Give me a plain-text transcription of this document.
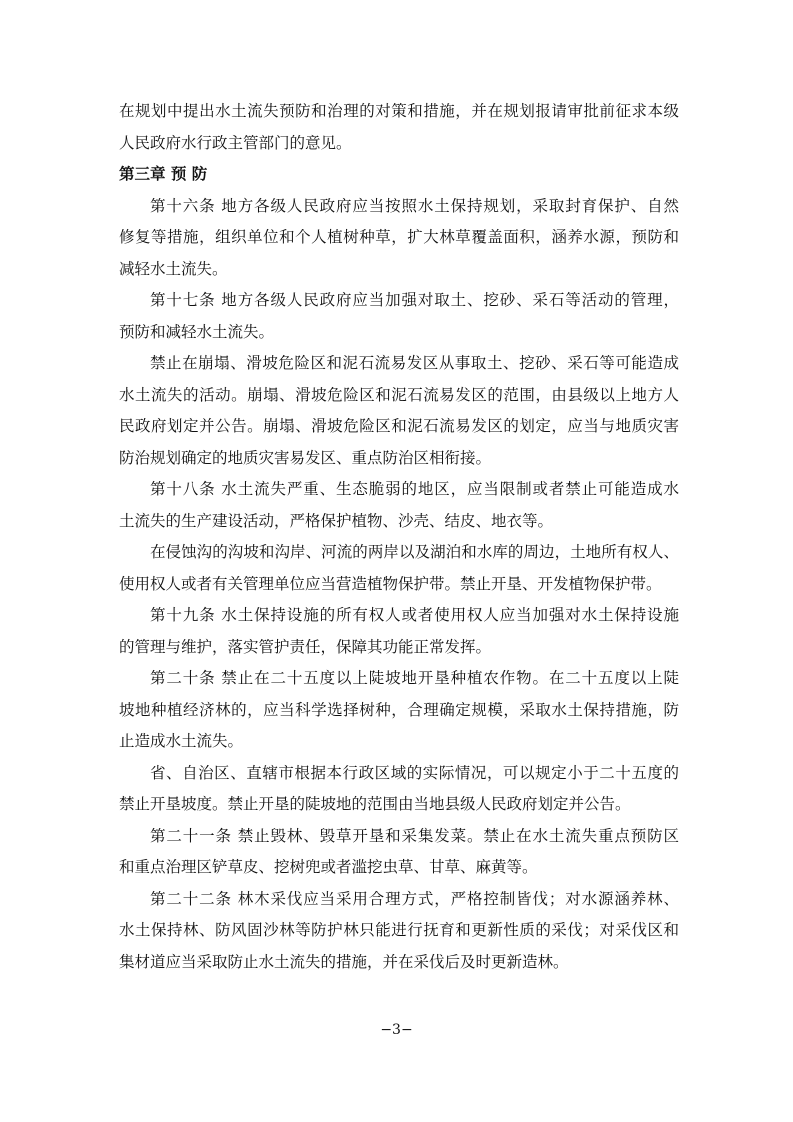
在规划中提出水土流失预防和治理的对策和措施，并在规划报请审批前征求本级
人民政府水行政主管部门的意见。
第三章 预 防
第十六条 地方各级人民政府应当按照水土保持规划，采取封育保护、自然
修复等措施，组织单位和个人植树种草，扩大林草覆盖面积，涵养水源，预防和
减轻水土流失。
第十七条 地方各级人民政府应当加强对取土、挖砂、采石等活动的管理，
预防和减轻水土流失。
禁止在崩塌、滑坡危险区和泥石流易发区从事取土、挖砂、采石等可能造成
水土流失的活动。崩塌、滑坡危险区和泥石流易发区的范围，由县级以上地方人
民政府划定并公告。崩塌、滑坡危险区和泥石流易发区的划定，应当与地质灾害
防治规划确定的地质灾害易发区、重点防治区相衔接。
第十八条 水土流失严重、生态脆弱的地区，应当限制或者禁止可能造成水
土流失的生产建设活动，严格保护植物、沙壳、结皮、地衣等。
在侵蚀沟的沟坡和沟岸、河流的两岸以及湖泊和水库的周边，土地所有权人、
使用权人或者有关管理单位应当营造植物保护带。禁止开垦、开发植物保护带。
第十九条 水土保持设施的所有权人或者使用权人应当加强对水土保持设施
的管理与维护，落实管护责任，保障其功能正常发挥。
第二十条 禁止在二十五度以上陡坡地开垦种植农作物。在二十五度以上陡
坡地种植经济林的，应当科学选择树种，合理确定规模，采取水土保持措施，防
止造成水土流失。
省、自治区、直辖市根据本行政区域的实际情况，可以规定小于二十五度的
禁止开垦坡度。禁止开垦的陡坡地的范围由当地县级人民政府划定并公告。
第二十一条 禁止毁林、毁草开垦和采集发菜。禁止在水土流失重点预防区
和重点治理区铲草皮、挖树兜或者滥挖虫草、甘草、麻黄等。
第二十二条 林木采伐应当采用合理方式，严格控制皆伐；对水源涵养林、
水土保持林、防风固沙林等防护林只能进行抚育和更新性质的采伐；对采伐区和
集材道应当采取防止水土流失的措施，并在采伐后及时更新造林。
−3−
